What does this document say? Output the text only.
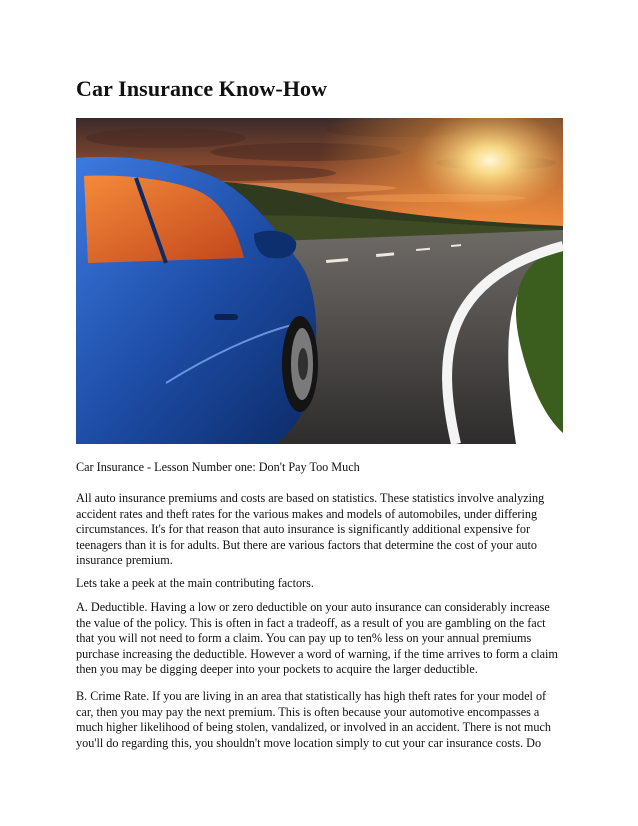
Car Insurance Know-How

Car Insurance - Lesson Number one: Don't Pay Too Much

All auto insurance premiums and costs are based on statistics. These statistics involve analyzing accident rates and theft rates for the various makes and models of automobiles, under differing circumstances. It's for that reason that auto insurance is significantly additional expensive for teenagers than it is for adults. But there are various factors that determine the cost of your auto insurance premium.

Lets take a peek at the main contributing factors.

A. Deductible. Having a low or zero deductible on your auto insurance can considerably increase the value of the policy. This is often in fact a tradeoff, as a result of you are gambling on the fact that you will not need to form a claim. You can pay up to ten% less on your annual premiums purchase increasing the deductible. However a word of warning, if the time arrives to form a claim then you may be digging deeper into your pockets to acquire the larger deductible.

B. Crime Rate. If you are living in an area that statistically has high theft rates for your model of car, then you may pay the next premium. This is often because your automotive encompasses a much higher likelihood of being stolen, vandalized, or involved in an accident. There is not much you'll do regarding this, you shouldn't move location simply to cut your car insurance costs. Do
